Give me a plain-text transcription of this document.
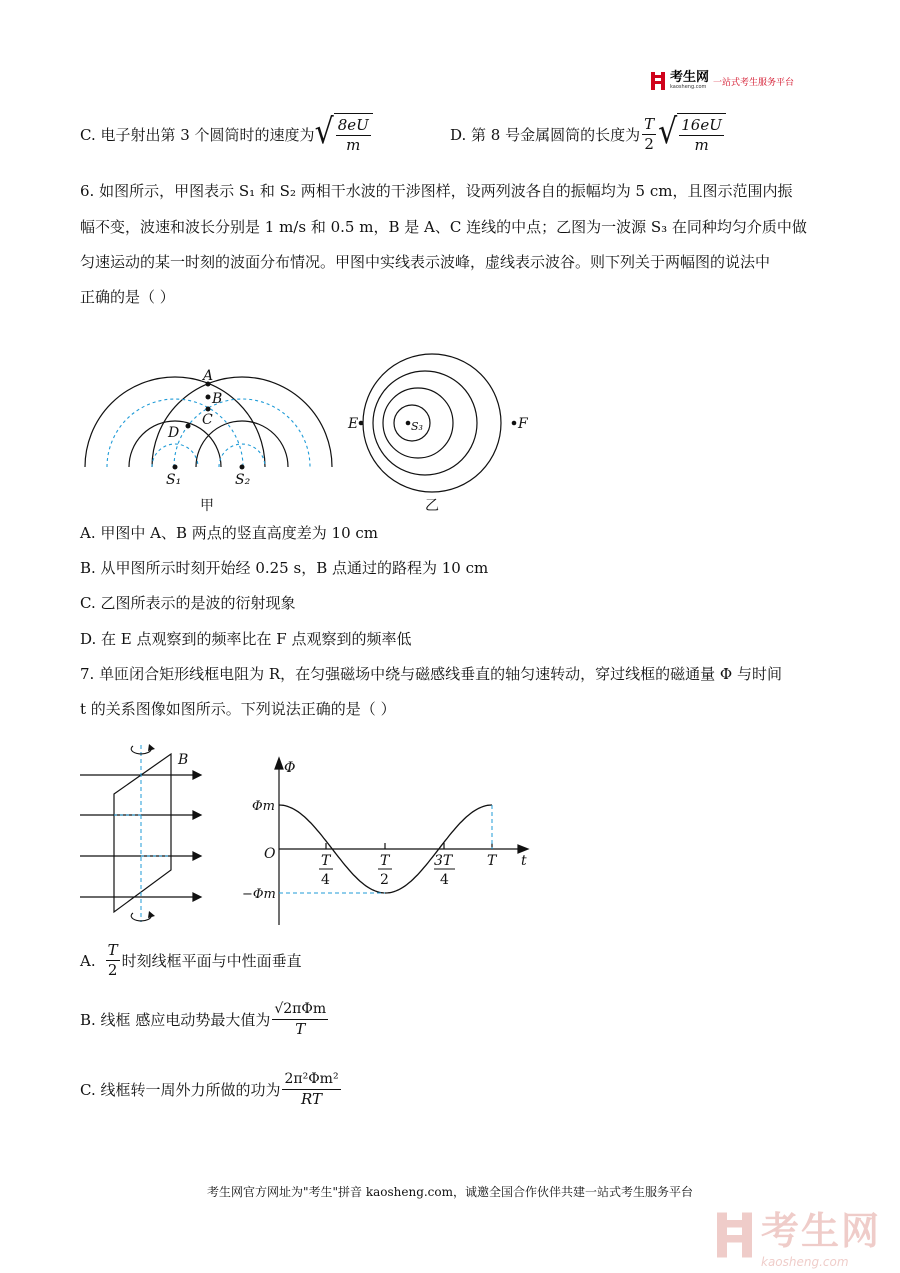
考生网
kaosheng.com 一站式考生服务平台
C. 电子射出第 3 个圆筒时的速度为 √ $\frac{8eU}{m}$	D. 第 8 号金属圆筒的长度为 $\frac{T}{2}$ √ $\frac{16eU}{m}$
6. 如图所示，甲图表示 S₁ 和 S₂ 两相干水波的干涉图样，设两列波各自的振幅均为 5 cm，且图示范围内振
幅不变，波速和波长分别是 1 m/s 和 0.5 m，B 是 A、C 连线的中点；乙图为一波源 S₃ 在同种均匀介质中做
匀速运动的某一时刻的波面分布情况。甲图中实线表示波峰，虚线表示波谷。则下列关于两幅图的说法中
正确的是（ ）
A
B
C
D
S₁	S₂
甲
E	F
S₃
乙
A. 甲图中 A、B 两点的竖直高度差为 10 cm
B. 从甲图所示时刻开始经 0.25 s，B 点通过的路程为 10 cm
C. 乙图所表示的是波的衍射现象
D. 在 E 点观察到的频率比在 F 点观察到的频率低
7. 单匝闭合矩形线框电阻为 R，在匀强磁场中绕与磁感线垂直的轴匀速转动，穿过线框的磁通量 Φ 与时间
t 的关系图像如图所示。下列说法正确的是（ ）
B	Φ
Φm
O	t
−Φm
T
4
T
2
3T
4
T
A. $\frac{T}{2}$ 时刻线框平面与中性面垂直
B. 线框 感应电动势最大值为 $\frac{\text{√2πΦm}}{T}$
C. 线框转一周外力所做的功为 $\frac{\text{2π²Φm²}}{RT}$
考生网官方网址为"考生"拼音 kaosheng.com，诚邀全国合作伙伴共建一站式考生服务平台
考生网
kaosheng.com
